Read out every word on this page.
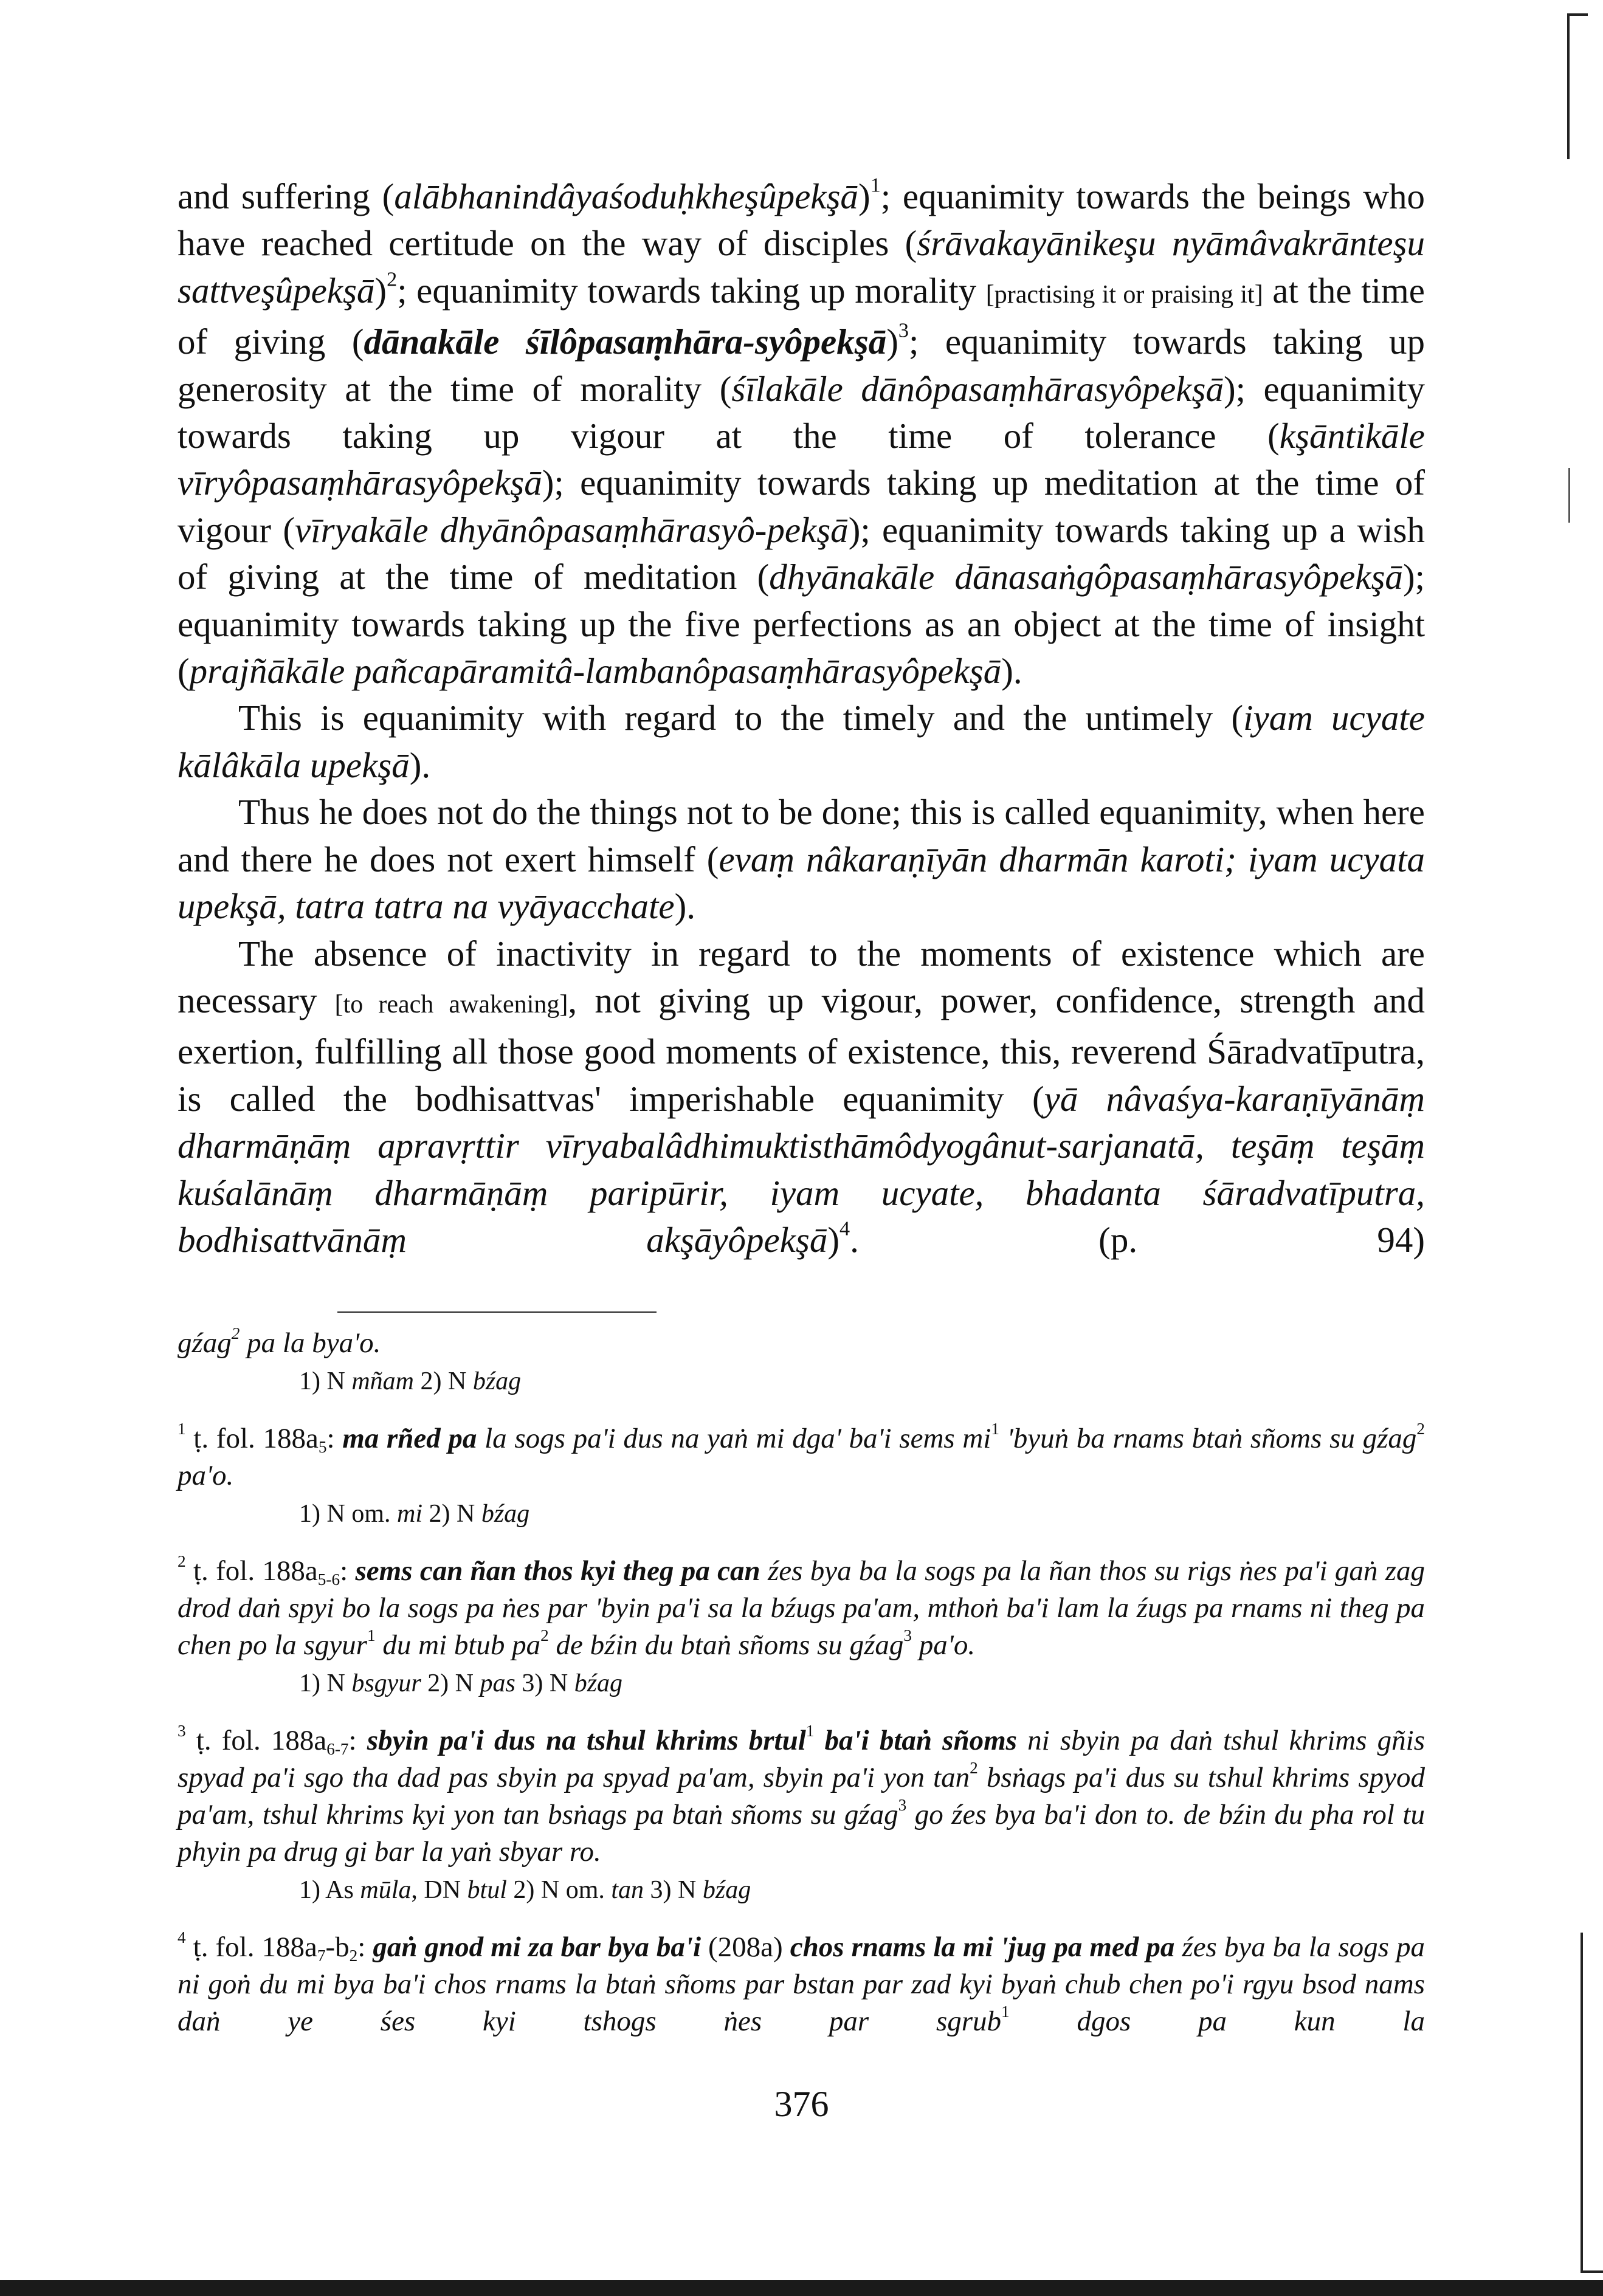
and suffering (alābhanindâyaśoduḥkheşûpekşā)$^1$; equanimity towards the beings who have reached certitude on the way of disciples (śrāvakayānikeşu nyāmâvakrānteşu sattveşûpekşā)$^2$; equanimity towards taking up morality [practising it or praising it] at the time of giving (dānakāle śīlôpasaṃhāra-syôpekşā)$^3$; equanimity towards taking up generosity at the time of morality (śīlakāle dānôpasaṃhārasyôpekşā); equanimity towards taking up vigour at the time of tolerance (kşāntikāle vīryôpasaṃhārasyôpekşā); equanimity towards taking up meditation at the time of vigour (vīryakāle dhyānôpasaṃhārasyô-pekşā); equanimity towards taking up a wish of giving at the time of meditation (dhyānakāle dānasaṅgôpasaṃhārasyôpekşā); equanimity towards taking up the five perfections as an object at the time of insight (prajñākāle pañcapāramitâ-lambanôpasaṃhārasyôpekşā).

This is equanimity with regard to the timely and the untimely (iyam ucyate kālâkāla upekşā).

Thus he does not do the things not to be done; this is called equanimity, when here and there he does not exert himself (evaṃ nâkaraṇīyān dharmān karoti; iyam ucyata upekşā, tatra tatra na vyāyacchate).

The absence of inactivity in regard to the moments of existence which are necessary [to reach awakening], not giving up vigour, power, confidence, strength and exertion, fulfilling all those good moments of existence, this, reverend Śāradvatīputra, is called the bodhisattvas' imperishable equanimity (yā nâvaśya-karaṇīyānāṃ dharmāṇāṃ apravṛttir vīryabalâdhimuktisthāmôdyogânut-sarjanatā, teşāṃ teşāṃ kuśalānāṃ dharmāṇāṃ paripūrir, iyam ucyate, bhadanta śāradvatīputra, bodhisattvānāṃ akşāyôpekşā)$^4$. (p. 94)

gźag$^2$ pa la bya'o.

1) N mñam 2) N bźag

$^1$ ṭ. fol. $188a_5$: ma rñed pa la sogs pa'i dus na yaṅ mi dga' ba'i sems $mi^1$ 'byuṅ ba rnams btaṅ sñoms su gźag$^2$ pa'o.

1) N om. mi 2) N bźag

$^2$ ṭ. fol. $188a_{5-6}$: sems can ñan thos kyi theg pa can źes bya ba la sogs pa la ñan thos su rigs ṅes pa'i gaṅ zag drod daṅ spyi bo la sogs pa ṅes par 'byin pa'i sa la bźugs pa'am, mthoṅ ba'i lam la źugs pa rnams ni theg pa chen po la sgyur$^1$ du mi btub $pa^2$ de bźin du btaṅ sñoms su gźag$^3$ pa'o.

1) N bsgyur 2) N pas 3) N bźag

$^3$ ṭ. fol. $188a_{6-7}$: sbyin pa'i dus na tshul khrims brtul$^1$ ba'i btaṅ sñoms ni sbyin pa daṅ tshul khrims gñis spyad pa'i sgo tha dad pas sbyin pa spyad pa'am, sbyin pa'i yon $\tan^2$ bsṅags pa'i dus su tshul khrims spyod pa'am, tshul khrims kyi yon tan bsṅags pa btaṅ sñoms su gźag$^3$ go źes bya ba'i don to. de bźin du pha rol tu phyin pa drug gi bar la yaṅ sbyar ro.

1) As mūla, DN btul 2) N om. tan 3) N bźag

$^4$ ṭ. fol. $188a_7-b_2$: gaṅ gnod mi za bar bya ba'i (208a) chos rnams la mi 'jug pa med pa źes bya ba la sogs pa ni goṅ du mi bya ba'i chos rnams la btaṅ sñoms par bstan par zad kyi byaṅ chub chen po'i rgyu bsod nams daṅ ye śes kyi tshogs ṅes par sgrub$^1$ dgos pa kun la

376
